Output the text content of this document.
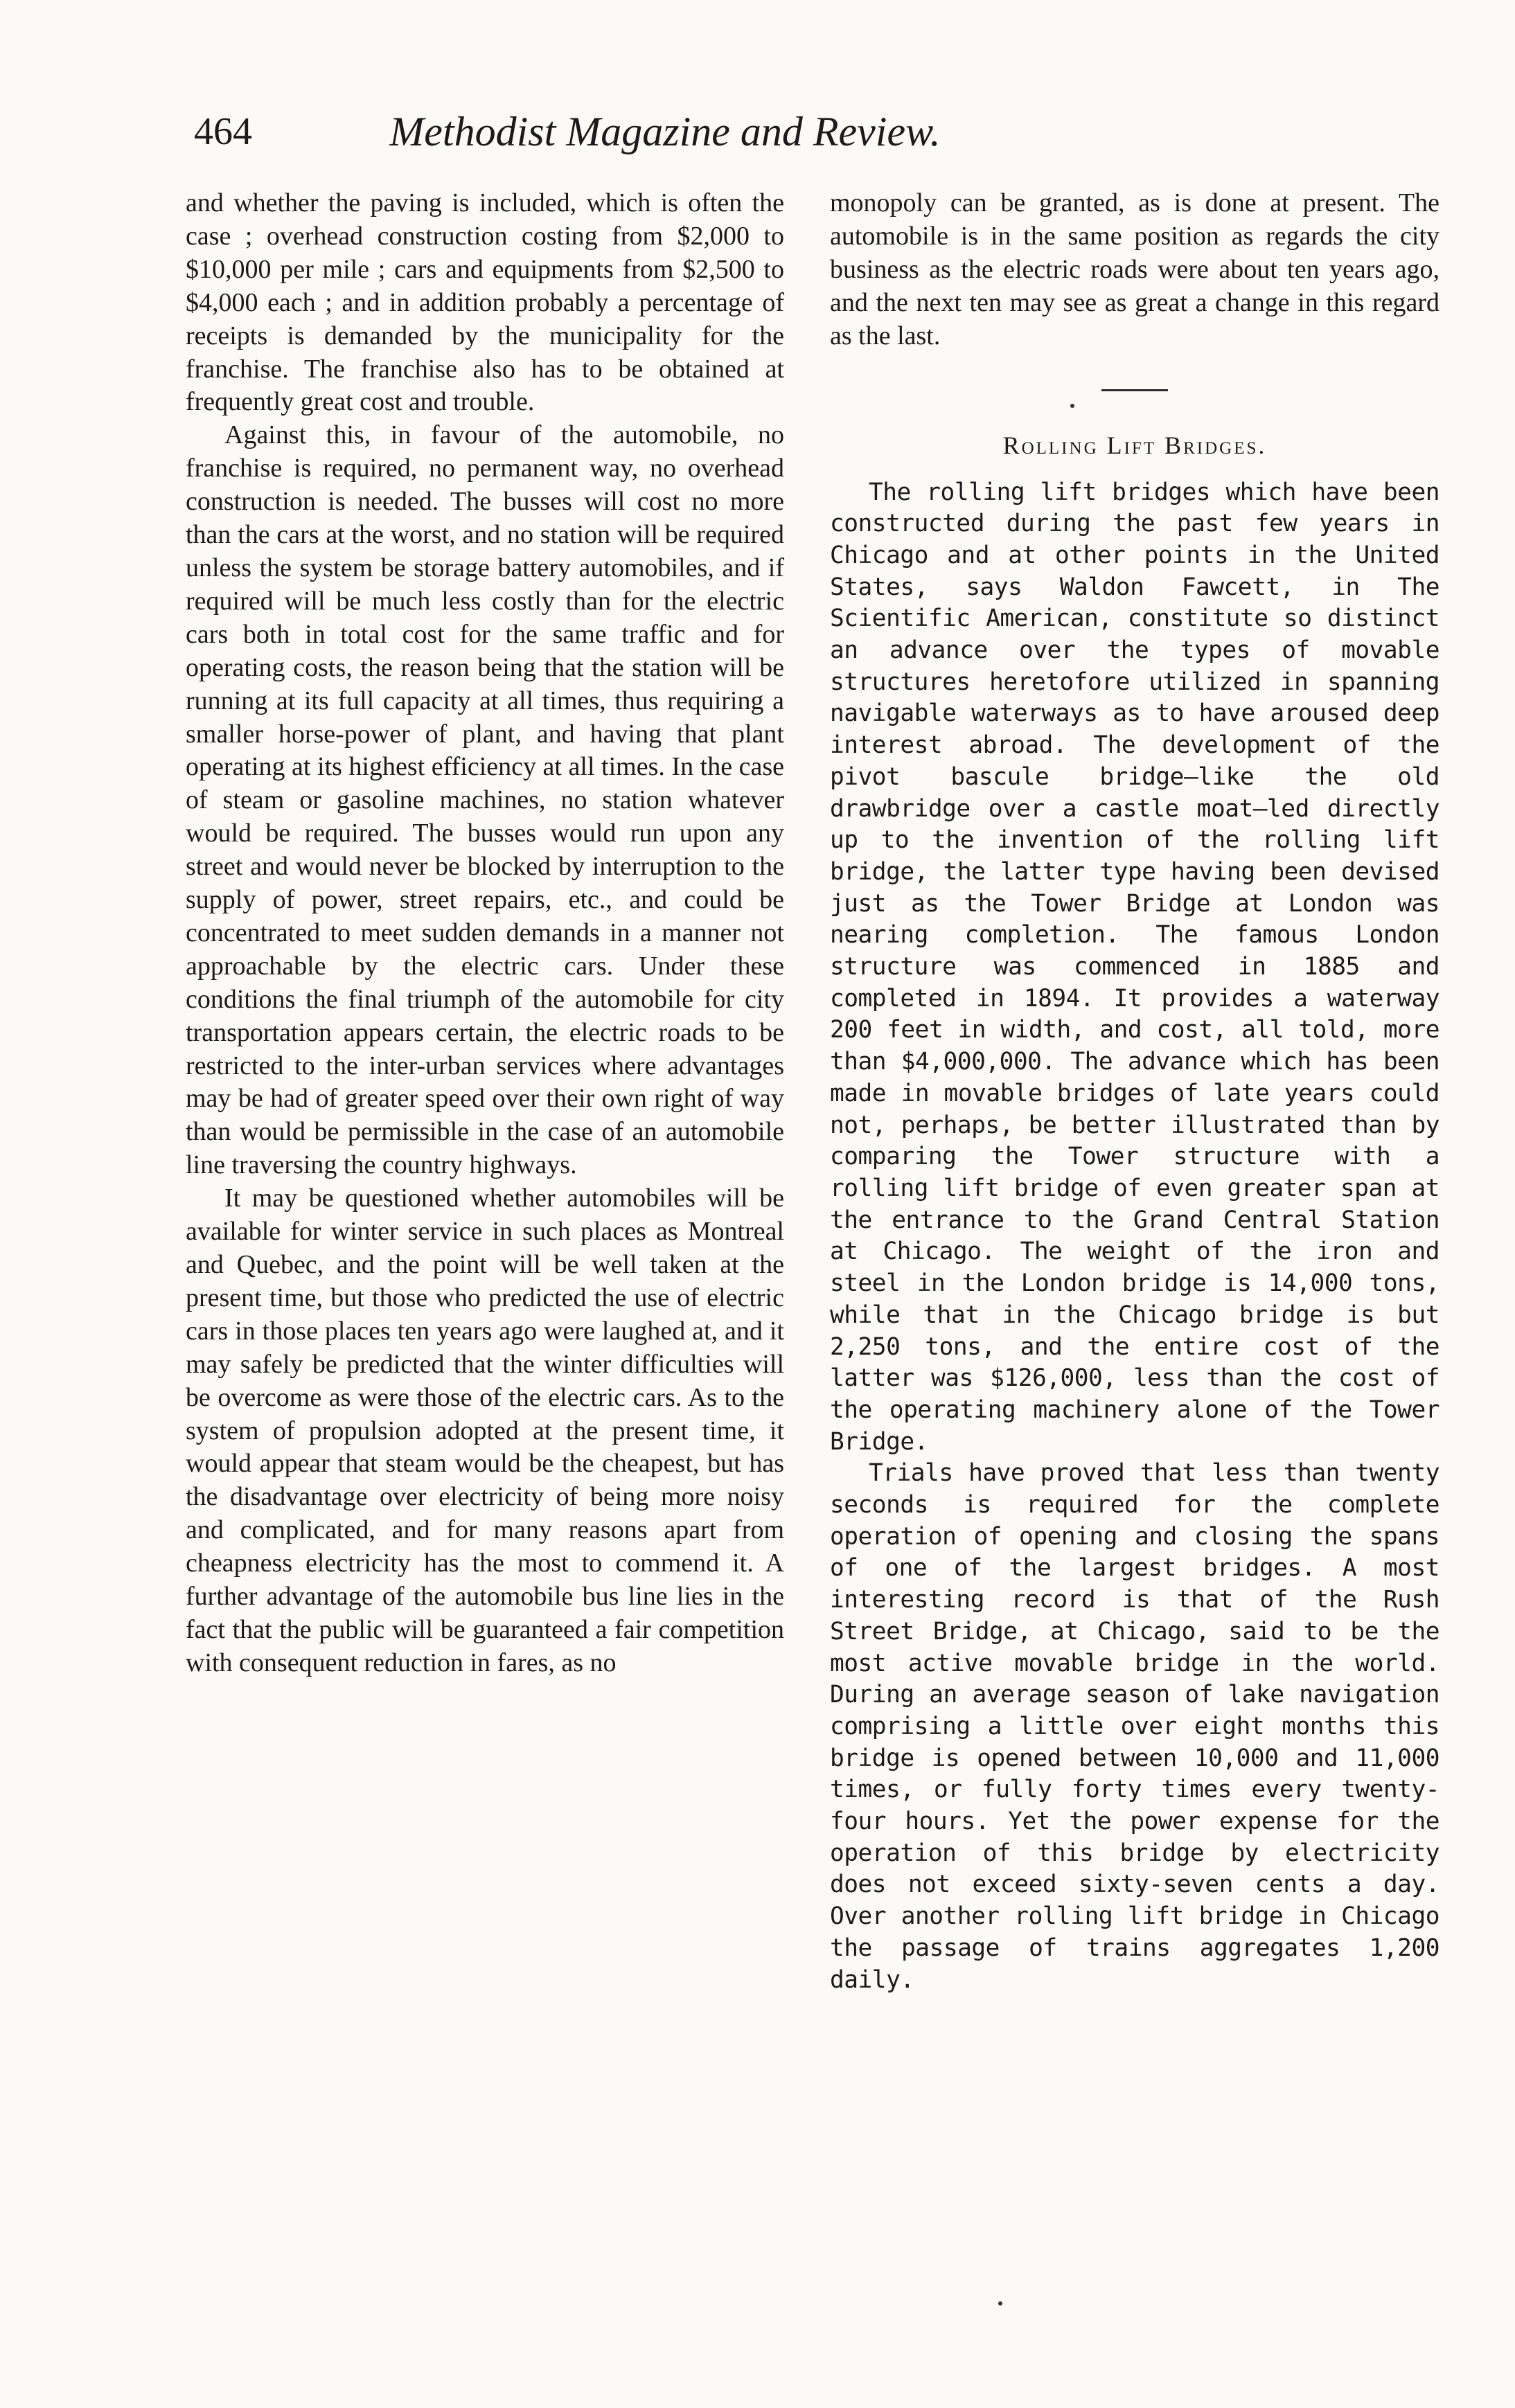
464	Methodist Magazine and Review.

and whether the paving is included, which is often the case ; overhead construction costing from $2,000 to $10,000 per mile ; cars and equipments from $2,500 to $4,000 each ; and in addition probably a percentage of receipts is demanded by the municipality for the franchise. The franchise also has to be obtained at frequently great cost and trouble.

Against this, in favour of the automobile, no franchise is required, no permanent way, no overhead construction is needed. The busses will cost no more than the cars at the worst, and no station will be required unless the system be storage battery automobiles, and if required will be much less costly than for the electric cars both in total cost for the same traffic and for operating costs, the reason being that the station will be running at its full capacity at all times, thus requiring a smaller horse-power of plant, and having that plant operating at its highest efficiency at all times. In the case of steam or gasoline machines, no station whatever would be required. The busses would run upon any street and would never be blocked by interruption to the supply of power, street repairs, etc., and could be concentrated to meet sudden demands in a manner not approachable by the electric cars. Under these conditions the final triumph of the automobile for city transportation appears certain, the electric roads to be restricted to the inter-urban services where advantages may be had of greater speed over their own right of way than would be permissible in the case of an automobile line traversing the country highways.

It may be questioned whether automobiles will be available for winter service in such places as Montreal and Quebec, and the point will be well taken at the present time, but those who predicted the use of electric cars in those places ten years ago were laughed at, and it may safely be predicted that the winter difficulties will be overcome as were those of the electric cars. As to the system of propulsion adopted at the present time, it would appear that steam would be the cheapest, but has the disadvantage over electricity of being more noisy and complicated, and for many reasons apart from cheapness electricity has the most to commend it. A further advantage of the automobile bus line lies in the fact that the public will be guaranteed a fair competition with consequent reduction in fares, as no

monopoly can be granted, as is done at present. The automobile is in the same position as regards the city business as the electric roads were about ten years ago, and the next ten may see as great a change in this regard as the last.

Rolling Lift Bridges.

The rolling lift bridges which have been constructed during the past few years in Chicago and at other points in the United States, says Waldon Fawcett, in The Scientific American, constitute so distinct an advance over the types of movable structures heretofore utilized in spanning navigable waterways as to have aroused deep interest abroad. The development of the pivot bascule bridge—like the old drawbridge over a castle moat—led directly up to the invention of the rolling lift bridge, the latter type having been devised just as the Tower Bridge at London was nearing completion. The famous London structure was commenced in 1885 and completed in 1894. It provides a waterway 200 feet in width, and cost, all told, more than $4,000,000. The advance which has been made in movable bridges of late years could not, perhaps, be better illustrated than by comparing the Tower structure with a rolling lift bridge of even greater span at the entrance to the Grand Central Station at Chicago. The weight of the iron and steel in the London bridge is 14,000 tons, while that in the Chicago bridge is but 2,250 tons, and the entire cost of the latter was $126,000, less than the cost of the operating machinery alone of the Tower Bridge.

Trials have proved that less than twenty seconds is required for the complete operation of opening and closing the spans of one of the largest bridges. A most interesting record is that of the Rush Street Bridge, at Chicago, said to be the most active movable bridge in the world. During an average season of lake navigation comprising a little over eight months this bridge is opened between 10,000 and 11,000 times, or fully forty times every twenty-four hours. Yet the power expense for the operation of this bridge by electricity does not exceed sixty-seven cents a day. Over another rolling lift bridge in Chicago the passage of trains aggregates 1,200 daily.
